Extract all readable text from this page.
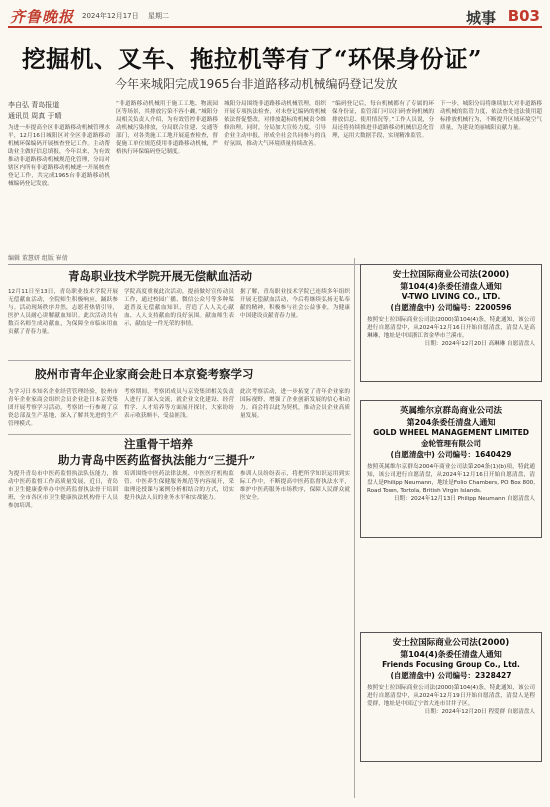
齐鲁晚报 2024年12月17日 星期二	城事 B03
挖掘机、叉车、拖拉机等有了“环保身份证”
今年来城阳完成1965台非道路移动机械编码登记发放
李自弘 青岛报道
通讯员 周真 于晴
为进一步提高全区非道路移动机械管理水平，12月16日城阳区对全区非道路移动机械环保编码开展核查登记工作。主动帮助业主做好信息填报，今年以来，为有效推动非道路移动机械规范化管理，分局对辖区内所有非道路移动机械逐一开展核查登记工作，共完成1965台非道路移动机械编码登记发放。
“非道路移动机械用于施工工地、物流园区等场景，其排放污染不容小觑。”城阳分局相关负责人介绍，为有效管控非道路移动机械污染排放，分局联合住建、交通等部门，对各类施工工地开展巡查检查，督促施工单位规范使用非道路移动机械，严格执行环保编码登记制度。
城阳分局围绕非道路移动机械管理，组织开展专项执法检查，对未登记编码的机械依法督促整改，对排放超标的机械责令维修治理。同时，分局加大宣传力度，引导企业主动申报，形成全社会共同参与的良好氛围，推动大气环境质量持续改善。
“编码登记后，每台机械都有了专属的环保身份证，监管部门可以扫码查询机械的排放信息、使用情况等。”工作人员说，分局还将持续推进非道路移动机械信息化管理，运用大数据手段，实现精准监管。
下一步，城阳分局将继续加大对非道路移动机械的监管力度，依法查处违法使用超标排放机械行为，不断提升区域环境空气质量，为建设美丽城阳贡献力量。
编辑 董慧妍 组版 崔倩
青岛职业技术学院开展无偿献血活动
12月11日至13日，青岛职业技术学院开展无偿献血活动，全院师生积极响应，踊跃参与。活动现场秩序井然，志愿者热情引导，医护人员耐心讲解献血知识。此次活动共有数百名师生成功献血，为保障全市临床用血贡献了青春力量。
学院高度重视此次活动，提前做好宣传动员工作，通过校园广播、微信公众号等多种渠道普及无偿献血知识，营造了人人关心献血、人人支持献血的良好氛围。献血师生表示，献血是一件光荣的事情。
据了解，青岛职业技术学院已连续多年组织开展无偿献血活动，今后将继续弘扬无私奉献的精神，积极参与社会公益事业，为健康中国建设贡献青春力量。
胶州市青年企业家商会赴日本京瓷考察学习
为学习日本知名企业经营管理经验，胶州市青年企业家商会组织会员企业赴日本京瓷集团开展考察学习活动。考察团一行参观了京瓷总部及生产基地，深入了解其先进的生产管理模式。
考察期间，考察团成员与京瓷集团相关负责人进行了深入交流，就企业文化建设、经营哲学、人才培养等方面展开探讨，大家纷纷表示收获颇丰，受益匪浅。
此次考察活动，进一步拓宽了青年企业家的国际视野，增强了企业创新发展的信心和动力。商会将以此为契机，推动会员企业高质量发展。
注重骨干培养
助力青岛中医药监督执法能力“三提升”
为提升青岛市中医药监督执法队伍能力，推动中医药监督工作高质量发展，近日，青岛市卫生健康委举办中医药监督执法骨干培训班，全市各区市卫生健康执法机构骨干人员参加培训。
培训围绕中医药法律法规、中医医疗机构监管、中医养生保健服务规范等内容展开，采取理论授课与案例分析相结合的方式，切实提升执法人员的业务水平和实战能力。
参训人员纷纷表示，将把所学知识运用到实际工作中，不断提高中医药监督执法水平，维护中医药服务市场秩序，保障人民群众就医安全。
安士拉国际商业公司法(2000)
第104(4)条委任清盘人通知
V-TWO LIVING CO., LTD.
(自愿清盘中) 公司编号：2200596
按照安士拉国际商业公司法(2000)第104(4)条，特此通知，该公司进行自愿清盘中，从2024年12月16日开始自愿清盘，清盘人是高琳琳，地址是中国浙江省金华市兰溪市。
日期：2024年12月20日 高琳琳 自愿清盘人
英属维尔京群岛商业公司法
第204条委任清盘人通知
GOLD WHEEL MANAGEMENT LIMITED
金轮管理有限公司
(自愿清盘中) 公司编号：1640429
按照英属维尔京群岛2004年商业公司法第204条(1)(b)项，特此通知，该公司进行自愿清盘，从2024年12月16日开始自愿清盘，清盘人是Philipp Neumann，地址是Folio Chambers, PO Box 800, Road Town, Tortola, British Virgin Islands.
日期：2024年12月13日 Philipp Neumann 自愿清盘人
安士拉国际商业公司法(2000)
第104(4)条委任清盘人通知
Friends Focusing Group Co., Ltd.
(自愿清盘中) 公司编号：2328427
按照安士拉国际商业公司法(2000)第104(4)条，特此通知，该公司进行自愿清盘中，从2024年12月19日开始自愿清盘，清盘人是程爱群，地址是中国辽宁省大连市甘井子区。
日期：2024年12月20日 程爱群 自愿清盘人
